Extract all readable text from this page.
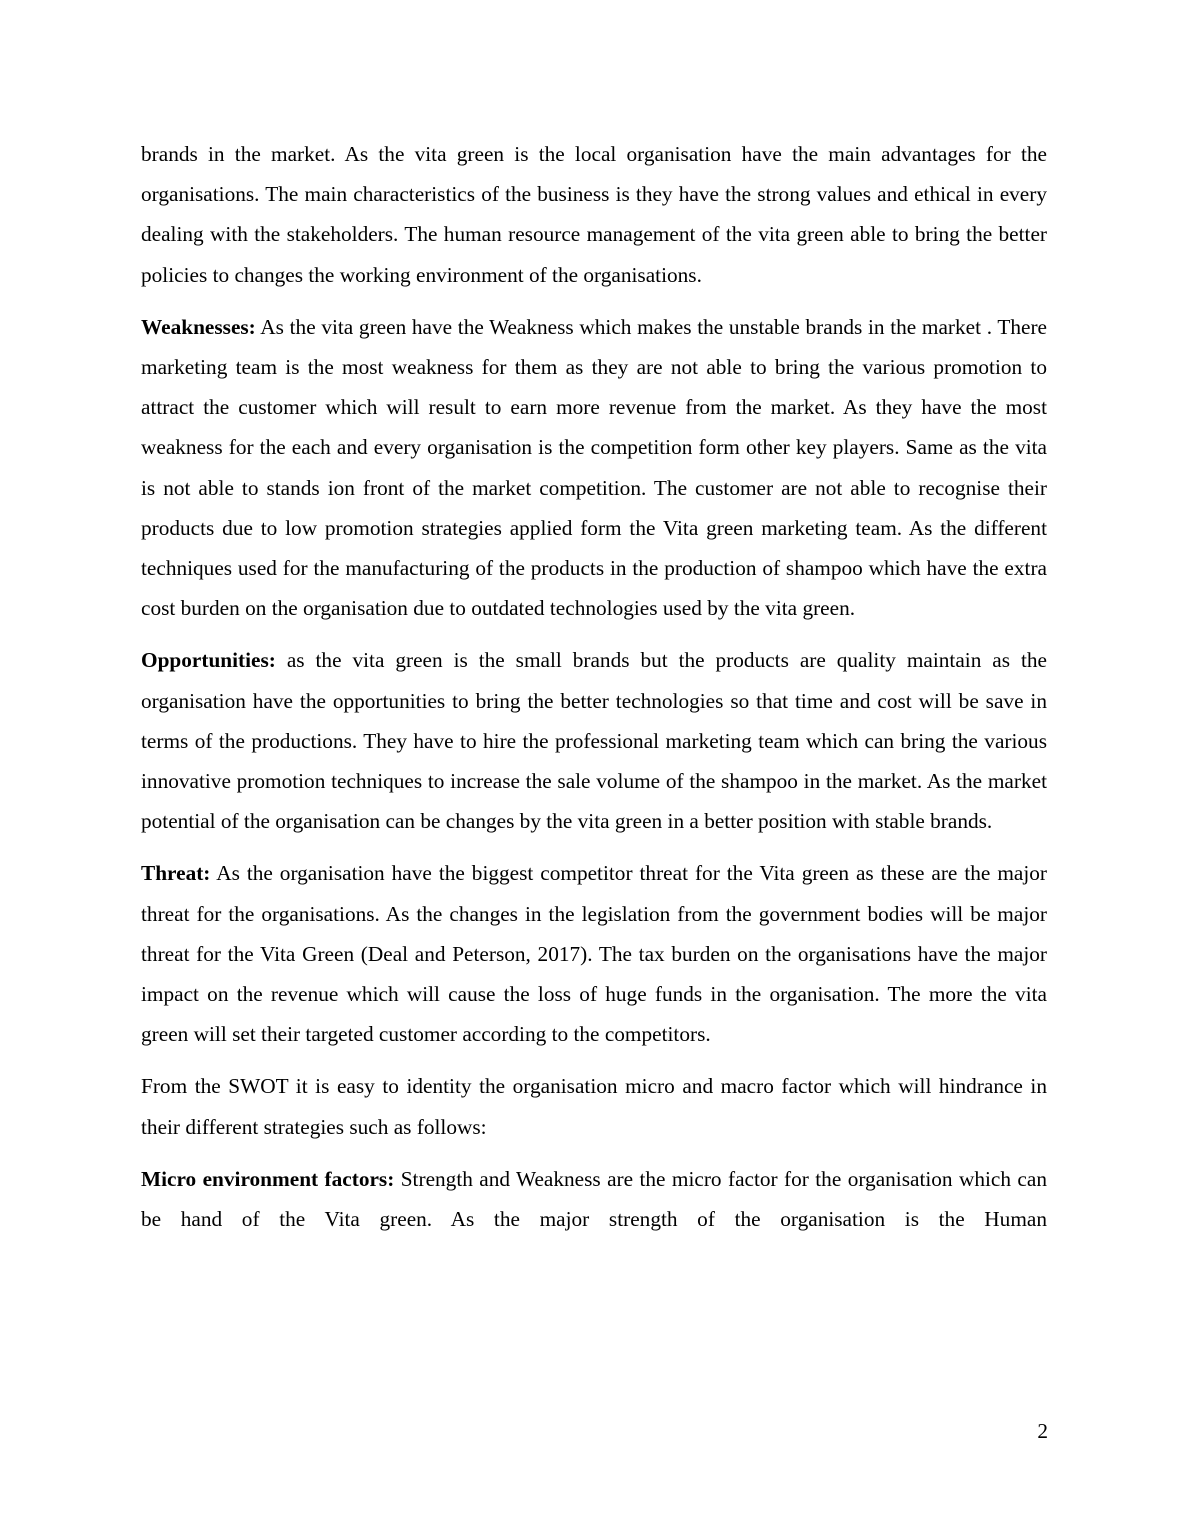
brands in the market. As the vita green is the local organisation have the main advantages for the organisations. The main characteristics of the business is they have the strong values and ethical in every dealing with the stakeholders. The human resource management of the vita green able to bring the better policies to changes the working environment of the organisations.

Weaknesses: As the vita green have the Weakness which makes the unstable brands in the market . There marketing team is the most weakness for them as they are not able to bring the various promotion to attract the customer which will result to earn more revenue from the market. As they have the most weakness for the each and every organisation is the competition form other key players. Same as the vita is not able to stands ion front of the market competition. The customer are not able to recognise their products due to low promotion strategies applied form the Vita green marketing team. As the different techniques used for the manufacturing of the products in the production of shampoo which have the extra cost burden on the organisation due to outdated technologies used by the vita green.

Opportunities: as the vita green is the small brands but the products are quality maintain as the organisation have the opportunities to bring the better technologies so that time and cost will be save in terms of the productions. They have to hire the professional marketing team which can bring the various innovative promotion techniques to increase the sale volume of the shampoo in the market. As the market potential of the organisation can be changes by the vita green in a better position with stable brands.

Threat: As the organisation have the biggest competitor threat for the Vita green as these are the major threat for the organisations. As the changes in the legislation from the government bodies will be major threat for the Vita Green (Deal and Peterson, 2017). The tax burden on the organisations have the major impact on the revenue which will cause the loss of huge funds in the organisation. The more the vita green will set their targeted customer according to the competitors.

From the SWOT it is easy to identity the organisation micro and macro factor which will hindrance in their different strategies such as follows:

Micro environment factors: Strength and Weakness are the micro factor for the organisation which can be hand of the Vita green. As the major strength of the organisation is the Human

2
